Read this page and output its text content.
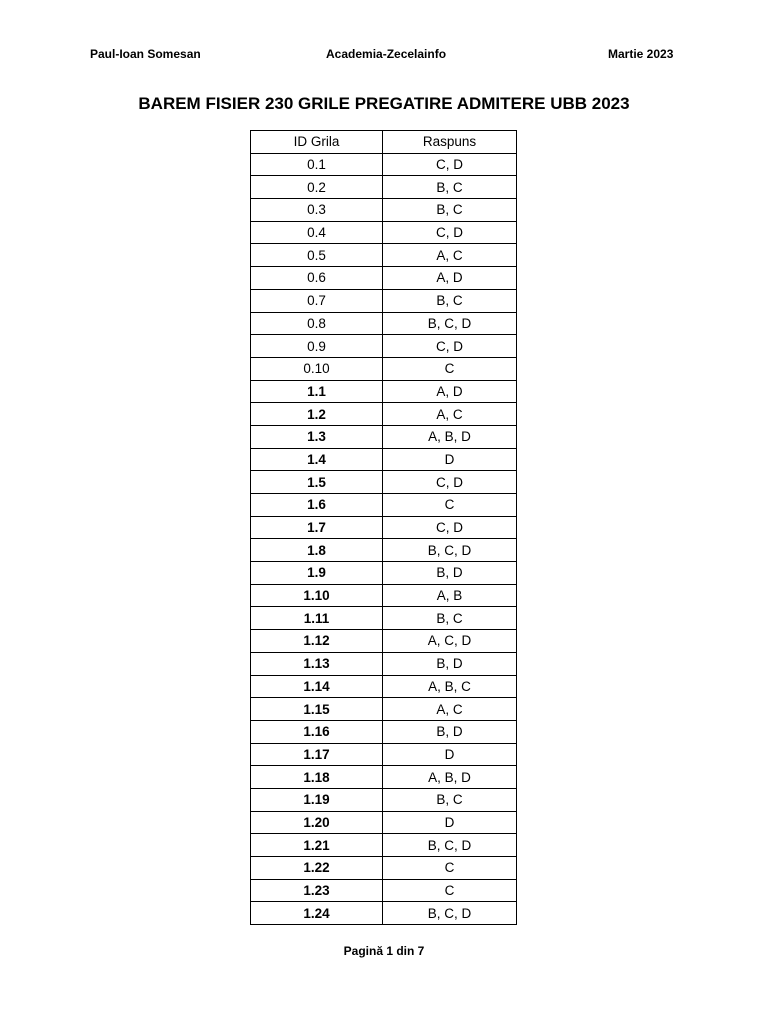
Paul-Ioan Somesan	Academia-Zecelainfo	Martie 2023
BAREM FISIER 230 GRILE PREGATIRE ADMITERE UBB 2023
ID Grila	Raspuns
0.1	C, D
0.2	B, C
0.3	B, C
0.4	C, D
0.5	A, C
0.6	A, D
0.7	B, C
0.8	B, C, D
0.9	C, D
0.10	C
1.1	A, D
1.2	A, C
1.3	A, B, D
1.4	D
1.5	C, D
1.6	C
1.7	C, D
1.8	B, C, D
1.9	B, D
1.10	A, B
1.11	B, C
1.12	A, C, D
1.13	B, D
1.14	A, B, C
1.15	A, C
1.16	B, D
1.17	D
1.18	A, B, D
1.19	B, C
1.20	D
1.21	B, C, D
1.22	C
1.23	C
1.24	B, C, D
Pagină 1 din 7
